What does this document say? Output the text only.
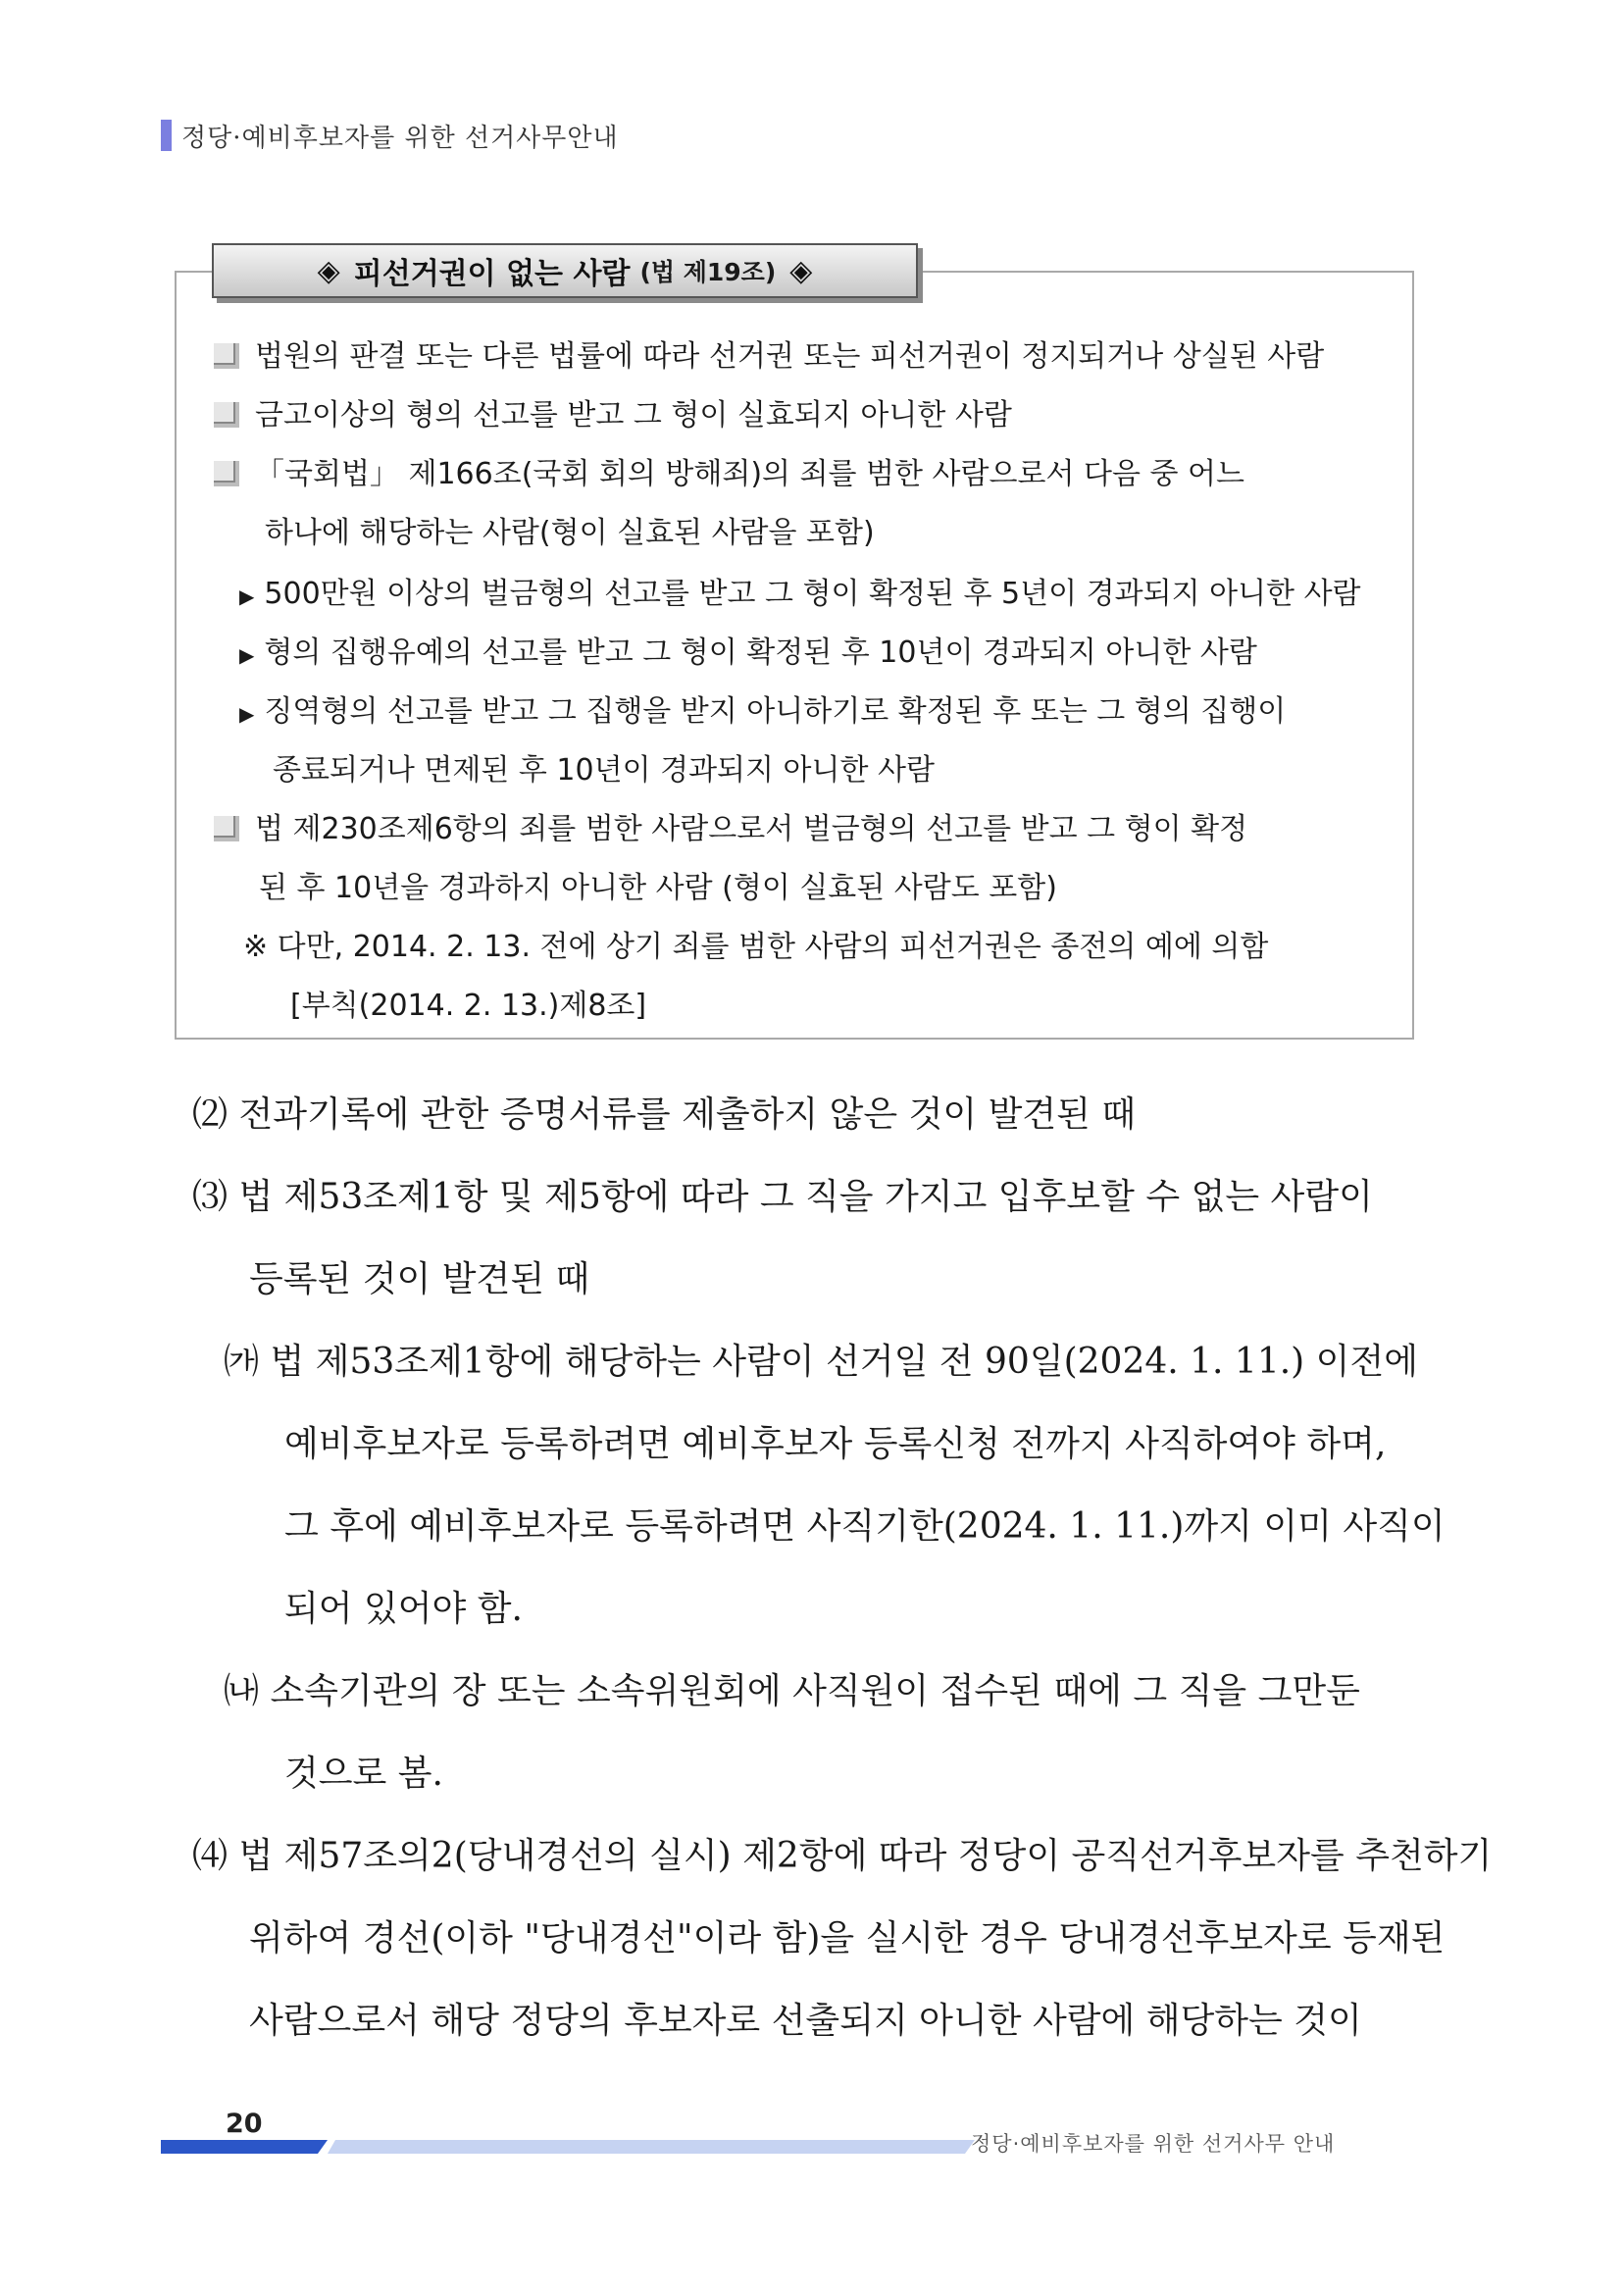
정당·예비후보자를 위한 선거사무안내
◈ 피선거권이 없는 사람 (법 제19조) ◈
법원의 판결 또는 다른 법률에 따라 선거권 또는 피선거권이 정지되거나 상실된 사람
금고이상의 형의 선고를 받고 그 형이 실효되지 아니한 사람
「국회법」 제166조(국회 회의 방해죄)의 죄를 범한 사람으로서 다음 중 어느
하나에 해당하는 사람(형이 실효된 사람을 포함)
▶ 500만원 이상의 벌금형의 선고를 받고 그 형이 확정된 후 5년이 경과되지 아니한 사람
▶ 형의 집행유예의 선고를 받고 그 형이 확정된 후 10년이 경과되지 아니한 사람
▶ 징역형의 선고를 받고 그 집행을 받지 아니하기로 확정된 후 또는 그 형의 집행이
종료되거나 면제된 후 10년이 경과되지 아니한 사람
법 제230조제6항의 죄를 범한 사람으로서 벌금형의 선고를 받고 그 형이 확정
된 후 10년을 경과하지 아니한 사람 (형이 실효된 사람도 포함)
※ 다만, 2014. 2. 13. 전에 상기 죄를 범한 사람의 피선거권은 종전의 예에 의함
[부칙(2014. 2. 13.)제8조]
⑵ 전과기록에 관한 증명서류를 제출하지 않은 것이 발견된 때
⑶ 법 제53조제1항 및 제5항에 따라 그 직을 가지고 입후보할 수 없는 사람이
등록된 것이 발견된 때
㈎ 법 제53조제1항에 해당하는 사람이 선거일 전 90일(2024. 1. 11.) 이전에
예비후보자로 등록하려면 예비후보자 등록신청 전까지 사직하여야 하며,
그 후에 예비후보자로 등록하려면 사직기한(2024. 1. 11.)까지 이미 사직이
되어 있어야 함.
㈏ 소속기관의 장 또는 소속위원회에 사직원이 접수된 때에 그 직을 그만둔
것으로 봄.
⑷ 법 제57조의2(당내경선의 실시) 제2항에 따라 정당이 공직선거후보자를 추천하기
위하여 경선(이하 "당내경선"이라 함)을 실시한 경우 당내경선후보자로 등재된
사람으로서 해당 정당의 후보자로 선출되지 아니한 사람에 해당하는 것이
20
정당·예비후보자를 위한 선거사무 안내
